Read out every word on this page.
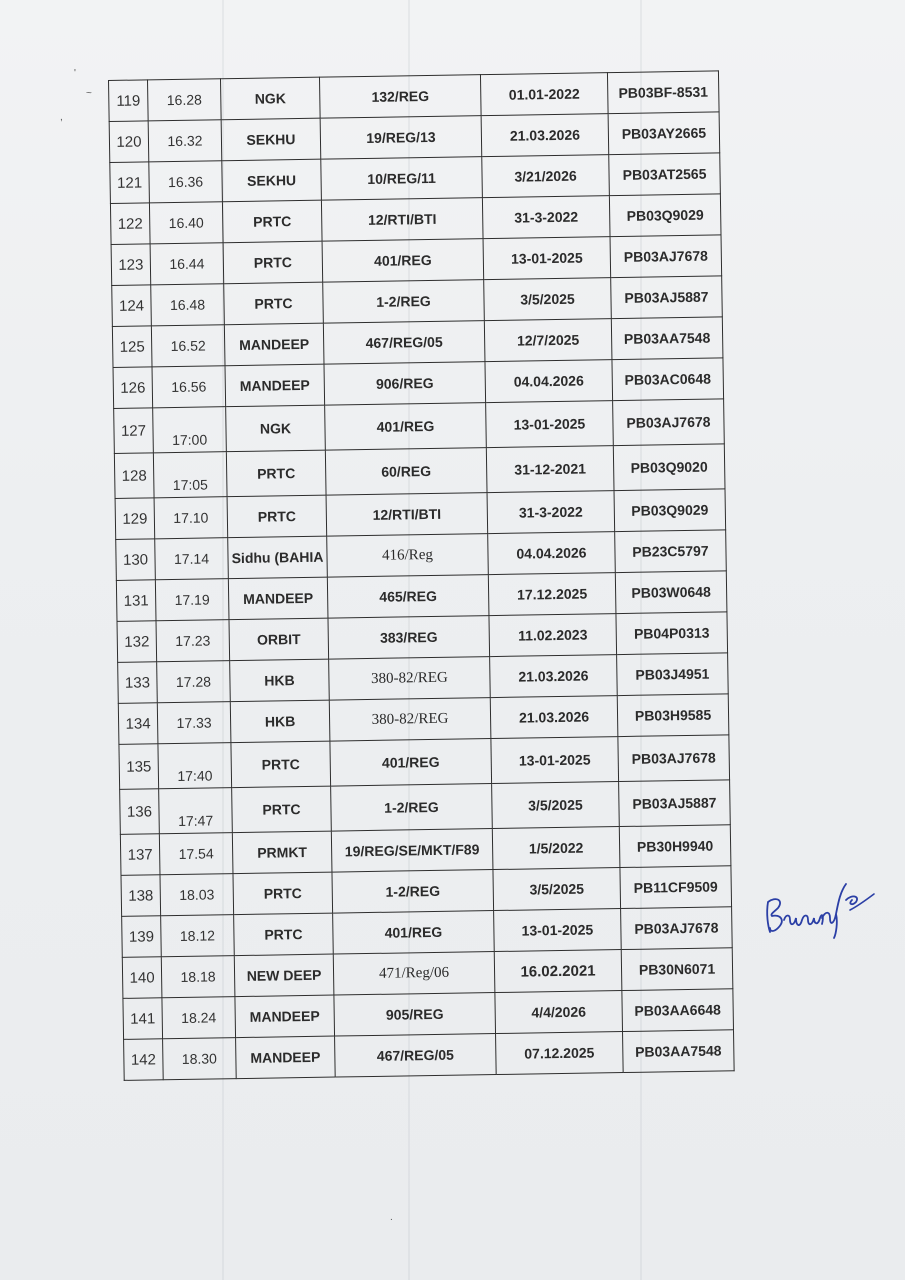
'
~
,
.
119	16.28	NGK	132/REG	01.01-2022	PB03BF-8531
120	16.32	SEKHU	19/REG/13	21.03.2026	PB03AY2665
121	16.36	SEKHU	10/REG/11	3/21/2026	PB03AT2565
122	16.40	PRTC	12/RTI/BTI	31-3-2022	PB03Q9029
123	16.44	PRTC	401/REG	13-01-2025	PB03AJ7678
124	16.48	PRTC	1-2/REG	3/5/2025	PB03AJ5887
125	16.52	MANDEEP	467/REG/05	12/7/2025	PB03AA7548
126	16.56	MANDEEP	906/REG	04.04.2026	PB03AC0648
127	17:00	NGK	401/REG	13-01-2025	PB03AJ7678
128	17:05	PRTC	60/REG	31-12-2021	PB03Q9020
129	17.10	PRTC	12/RTI/BTI	31-3-2022	PB03Q9029
130	17.14	Sidhu (BAHIA	416/Reg	04.04.2026	PB23C5797
131	17.19	MANDEEP	465/REG	17.12.2025	PB03W0648
132	17.23	ORBIT	383/REG	11.02.2023	PB04P0313
133	17.28	HKB	380-82/REG	21.03.2026	PB03J4951
134	17.33	HKB	380-82/REG	21.03.2026	PB03H9585
135	17:40	PRTC	401/REG	13-01-2025	PB03AJ7678
136	17:47	PRTC	1-2/REG	3/5/2025	PB03AJ5887
137	17.54	PRMKT	19/REG/SE/MKT/F89	1/5/2022	PB30H9940
138	18.03	PRTC	1-2/REG	3/5/2025	PB11CF9509
139	18.12	PRTC	401/REG	13-01-2025	PB03AJ7678
140	18.18	NEW DEEP	471/Reg/06	16.02.2021	PB30N6071
141	18.24	MANDEEP	905/REG	4/4/2026	PB03AA6648
142	18.30	MANDEEP	467/REG/05	07.12.2025	PB03AA7548
